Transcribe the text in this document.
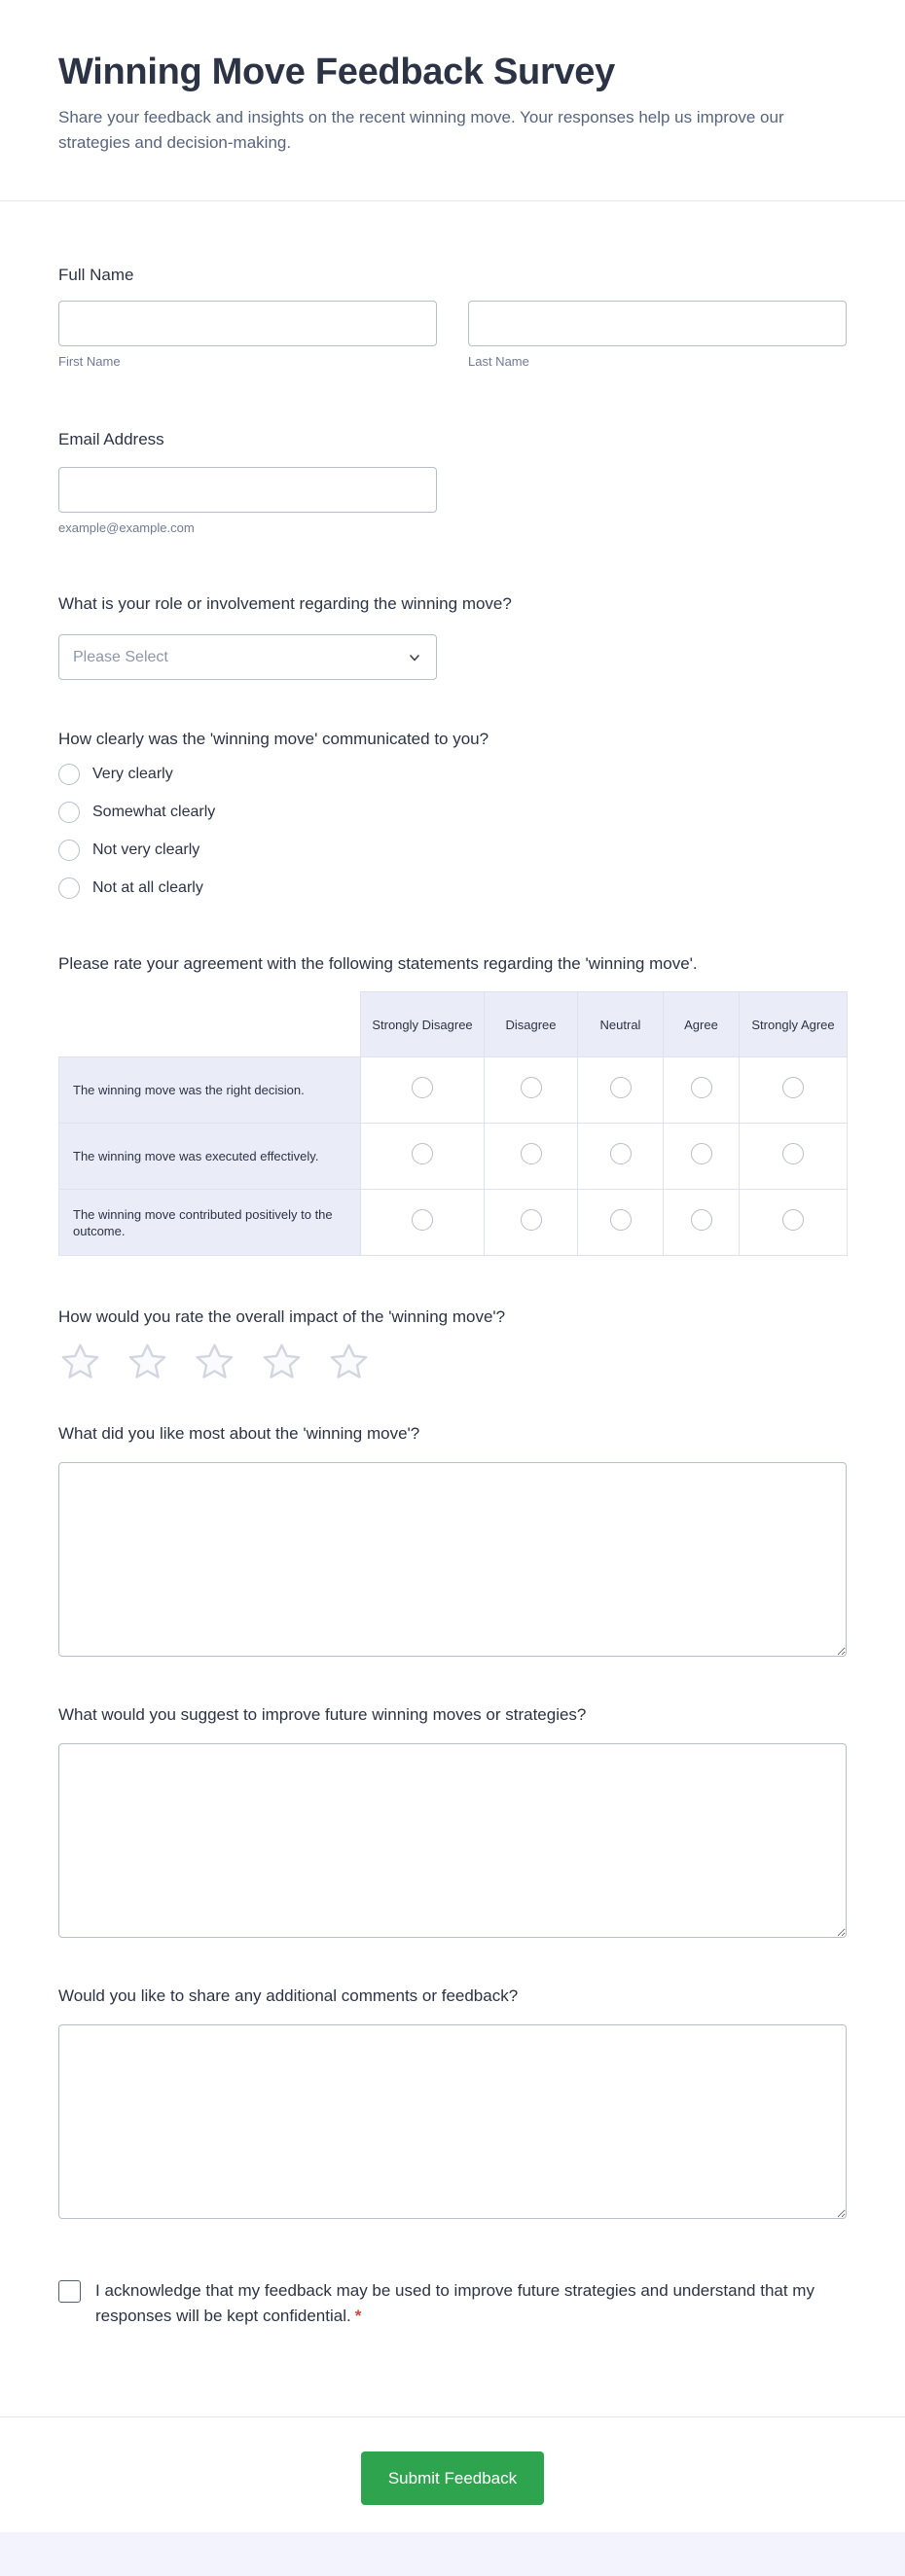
Winning Move Feedback Survey
Share your feedback and insights on the recent winning move. Your responses help us improve our strategies and decision-making.
Full Name
First Name	Last Name
Email Address
example@example.com
What is your role or involvement regarding the winning move?
Please Select
How clearly was the 'winning move' communicated to you?
Very clearly
Somewhat clearly
Not very clearly
Not at all clearly
Please rate your agreement with the following statements regarding the 'winning move'.
	Strongly Disagree	Disagree	Neutral	Agree	Strongly Agree
The winning move was the right decision.					
The winning move was executed effectively.					
The winning move contributed positively to the outcome.					
How would you rate the overall impact of the 'winning move'?
What did you like most about the 'winning move'?
What would you suggest to improve future winning moves or strategies?
Would you like to share any additional comments or feedback?
I acknowledge that my feedback may be used to improve future strategies and understand that my responses will be kept confidential. *
Submit Feedback
